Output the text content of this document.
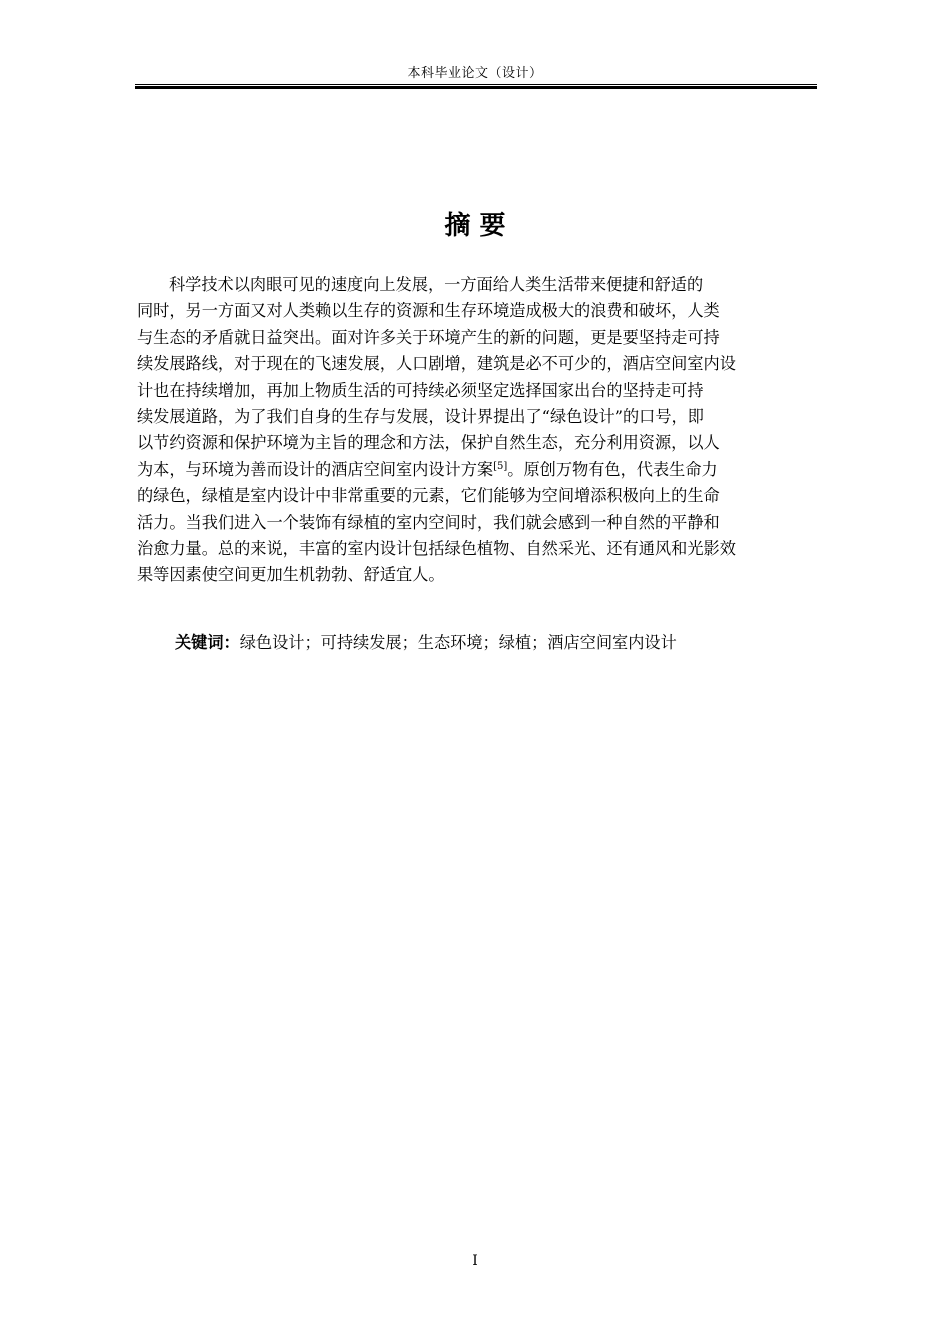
本科毕业论文（设计）
摘 要
科学技术以肉眼可见的速度向上发展，一方面给人类生活带来便捷和舒适的
同时，另一方面又对人类赖以生存的资源和生存环境造成极大的浪费和破坏，人类
与生态的矛盾就日益突出。面对许多关于环境产生的新的问题，更是要坚持走可持
续发展路线，对于现在的飞速发展，人口剧增，建筑是必不可少的，酒店空间室内设
计也在持续增加，再加上物质生活的可持续必须坚定选择国家出台的坚持走可持
续发展道路，为了我们自身的生存与发展，设计界提出了“绿色设计”的口号，即
以节约资源和保护环境为主旨的理念和方法，保护自然生态，充分利用资源，以人
为本，与环境为善而设计的酒店空间室内设计方案[5]。原创万物有色，代表生命力
的绿色，绿植是室内设计中非常重要的元素，它们能够为空间增添积极向上的生命
活力。当我们进入一个装饰有绿植的室内空间时，我们就会感到一种自然的平静和
治愈力量。总的来说，丰富的室内设计包括绿色植物、自然采光、还有通风和光影效
果等因素使空间更加生机勃勃、舒适宜人。
关键词：绿色设计；可持续发展；生态环境；绿植；酒店空间室内设计
I
